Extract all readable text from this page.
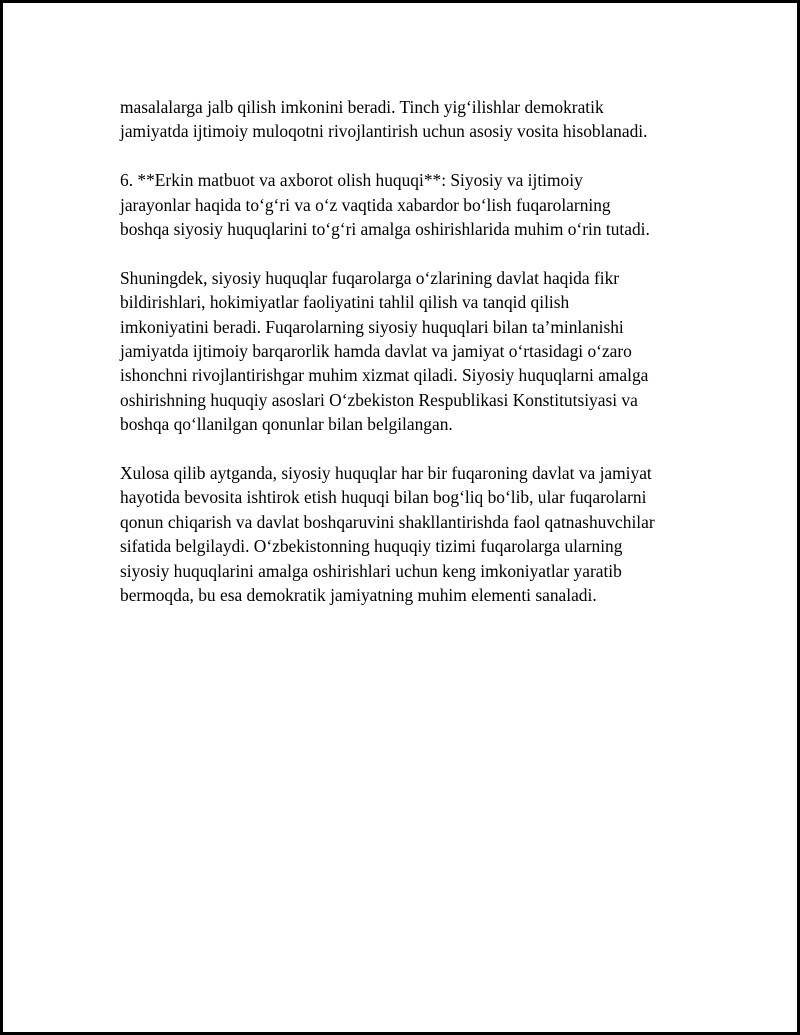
masalalarga jalb qilish imkonini beradi. Tinch yig‘ilishlar demokratik
jamiyatda ijtimoiy muloqotni rivojlantirish uchun asosiy vosita hisoblanadi.

6. **Erkin matbuot va axborot olish huquqi**: Siyosiy va ijtimoiy
jarayonlar haqida to‘g‘ri va o‘z vaqtida xabardor bo‘lish fuqarolarning
boshqa siyosiy huquqlarini to‘g‘ri amalga oshirishlarida muhim o‘rin tutadi.

Shuningdek, siyosiy huquqlar fuqarolarga o‘zlarining davlat haqida fikr
bildirishlari, hokimiyatlar faoliyatini tahlil qilish va tanqid qilish
imkoniyatini beradi. Fuqarolarning siyosiy huquqlari bilan ta’minlanishi
jamiyatda ijtimoiy barqarorlik hamda davlat va jamiyat o‘rtasidagi o‘zaro
ishonchni rivojlantirishgar muhim xizmat qiladi. Siyosiy huquqlarni amalga
oshirishning huquqiy asoslari O‘zbekiston Respublikasi Konstitutsiyasi va
boshqa qo‘llanilgan qonunlar bilan belgilangan.

Xulosa qilib aytganda, siyosiy huquqlar har bir fuqaroning davlat va jamiyat
hayotida bevosita ishtirok etish huquqi bilan bog‘liq bo‘lib, ular fuqarolarni
qonun chiqarish va davlat boshqaruvini shakllantirishda faol qatnashuvchilar
sifatida belgilaydi. O‘zbekistonning huquqiy tizimi fuqarolarga ularning
siyosiy huquqlarini amalga oshirishlari uchun keng imkoniyatlar yaratib
bermoqda, bu esa demokratik jamiyatning muhim elementi sanaladi.
